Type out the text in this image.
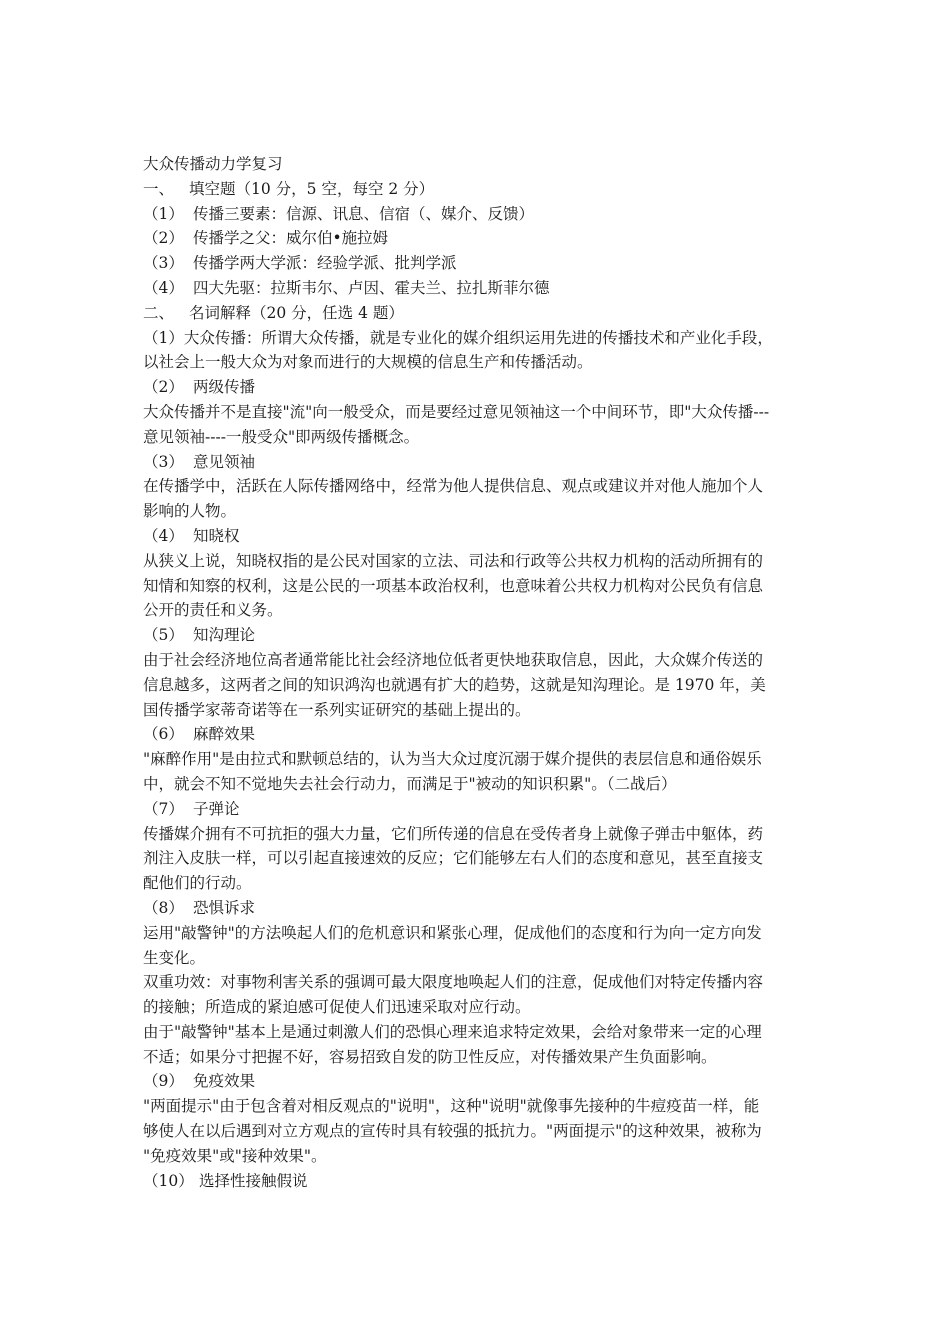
大众传播动力学复习
一、 填空题（10 分，5 空，每空 2 分）
（1） 传播三要素：信源、讯息、信宿（、媒介、反馈）
（2） 传播学之父：威尔伯•施拉姆
（3） 传播学两大学派：经验学派、批判学派
（4） 四大先驱：拉斯韦尔、卢因、霍夫兰、拉扎斯菲尔德
二、 名词解释（20 分，任选 4 题）
（1）大众传播：所谓大众传播，就是专业化的媒介组织运用先进的传播技术和产业化手段，
以社会上一般大众为对象而进行的大规模的信息生产和传播活动。
（2） 两级传播
大众传播并不是直接"流"向一般受众，而是要经过意见领袖这一个中间环节，即"大众传播---
意见领袖----一般受众"即两级传播概念。
（3） 意见领袖
在传播学中，活跃在人际传播网络中，经常为他人提供信息、观点或建议并对他人施加个人
影响的人物。
（4） 知晓权
从狭义上说，知晓权指的是公民对国家的立法、司法和行政等公共权力机构的活动所拥有的
知情和知察的权利，这是公民的一项基本政治权利，也意味着公共权力机构对公民负有信息
公开的责任和义务。
（5） 知沟理论
由于社会经济地位高者通常能比社会经济地位低者更快地获取信息，因此，大众媒介传送的
信息越多，这两者之间的知识鸿沟也就遇有扩大的趋势，这就是知沟理论。是 1970 年，美
国传播学家蒂奇诺等在一系列实证研究的基础上提出的。
（6） 麻醉效果
"麻醉作用"是由拉式和默顿总结的，认为当大众过度沉溺于媒介提供的表层信息和通俗娱乐
中，就会不知不觉地失去社会行动力，而满足于"被动的知识积累"。（二战后）
（7） 子弹论
传播媒介拥有不可抗拒的强大力量，它们所传递的信息在受传者身上就像子弹击中躯体，药
剂注入皮肤一样，可以引起直接速效的反应；它们能够左右人们的态度和意见，甚至直接支
配他们的行动。
（8） 恐惧诉求
运用"敲警钟"的方法唤起人们的危机意识和紧张心理，促成他们的态度和行为向一定方向发
生变化。
双重功效：对事物利害关系的强调可最大限度地唤起人们的注意，促成他们对特定传播内容
的接触；所造成的紧迫感可促使人们迅速采取对应行动。
由于"敲警钟"基本上是通过刺激人们的恐惧心理来追求特定效果，会给对象带来一定的心理
不适；如果分寸把握不好，容易招致自发的防卫性反应，对传播效果产生负面影响。
（9） 免疫效果
"两面提示"由于包含着对相反观点的"说明"，这种"说明"就像事先接种的牛痘疫苗一样，能
够使人在以后遇到对立方观点的宣传时具有较强的抵抗力。"两面提示"的这种效果，被称为
"免疫效果"或"接种效果"。
（10） 选择性接触假说
